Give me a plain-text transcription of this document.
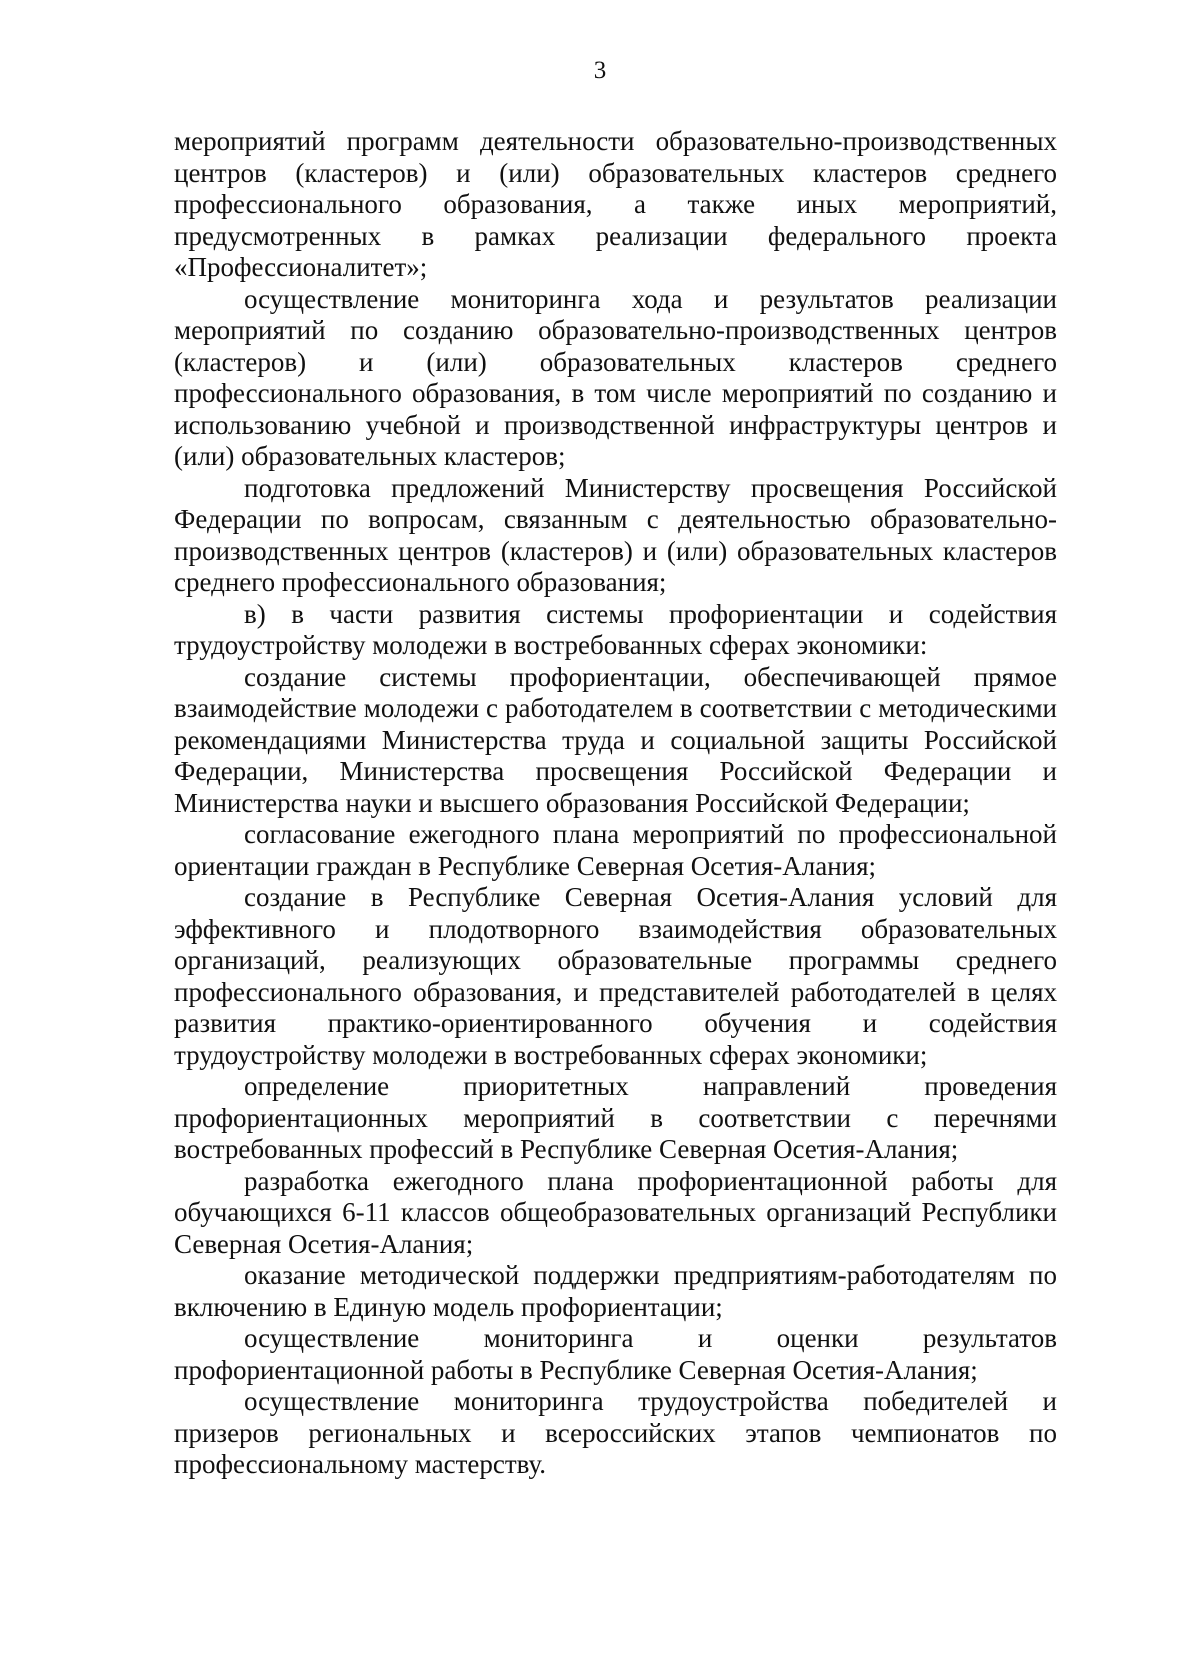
3

мероприятий программ деятельности образовательно-производственных центров (кластеров) и (или) образовательных кластеров среднего профессионального образования, а также иных мероприятий, предусмотренных в рамках реализации федерального проекта «Профессионалитет»;

осуществление мониторинга хода и результатов реализации мероприятий по созданию образовательно-производственных центров (кластеров) и (или) образовательных кластеров среднего профессионального образования, в том числе мероприятий по созданию и использованию учебной и производственной инфраструктуры центров и (или) образовательных кластеров;

подготовка предложений Министерству просвещения Российской Федерации по вопросам, связанным с деятельностью образовательно-производственных центров (кластеров) и (или) образовательных кластеров среднего профессионального образования;

в) в части развития системы профориентации и содействия трудоустройству молодежи в востребованных сферах экономики:

создание системы профориентации, обеспечивающей прямое взаимодействие молодежи с работодателем в соответствии с методическими рекомендациями Министерства труда и социальной защиты Российской Федерации, Министерства просвещения Российской Федерации и Министерства науки и высшего образования Российской Федерации;

согласование ежегодного плана мероприятий по профессиональной ориентации граждан в Республике Северная Осетия-Алания;

создание в Республике Северная Осетия-Алания условий для эффективного и плодотворного взаимодействия образовательных организаций, реализующих образовательные программы среднего профессионального образования, и представителей работодателей в целях развития практико-ориентированного обучения и содействия трудоустройству молодежи в востребованных сферах экономики;

определение приоритетных направлений проведения профориентационных мероприятий в соответствии с перечнями востребованных профессий в Республике Северная Осетия-Алания;

разработка ежегодного плана профориентационной работы для обучающихся 6-11 классов общеобразовательных организаций Республики Северная Осетия-Алания;

оказание методической поддержки предприятиям-работодателям по включению в Единую модель профориентации;

осуществление мониторинга и оценки результатов профориентационной работы в Республике Северная Осетия-Алания;

осуществление мониторинга трудоустройства победителей и призеров региональных и всероссийских этапов чемпионатов по профессиональному мастерству.
